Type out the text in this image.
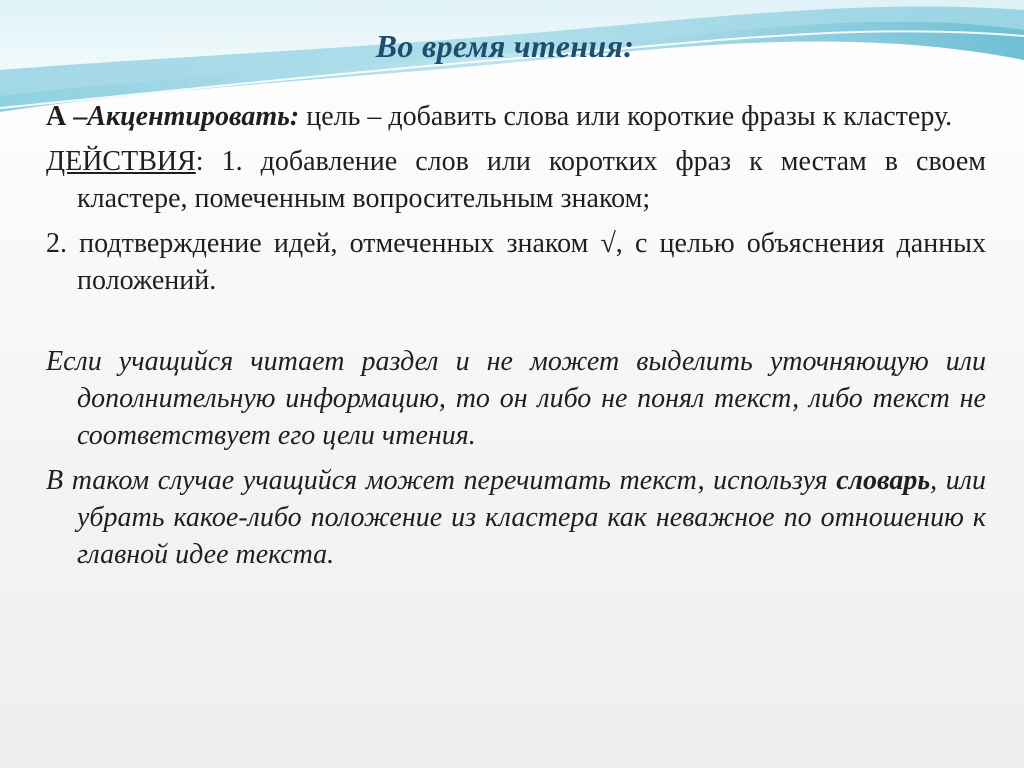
Во время чтения:

А –Акцентировать: цель – добавить слова или короткие фразы к кластеру.

ДЕЙСТВИЯ: 1. добавление слов или коротких фраз к местам в своем кластере, помеченным вопросительным знаком;

2. подтверждение идей, отмеченных знаком √, с целью объяснения данных положений.

Если учащийся читает раздел и не может выделить уточняющую или дополнительную информацию, то он либо не понял текст, либо текст не соответствует его цели чтения.

В таком случае учащийся может перечитать текст, используя словарь, или убрать какое-либо положение из кластера как неважное по отношению к главной идее текста.
